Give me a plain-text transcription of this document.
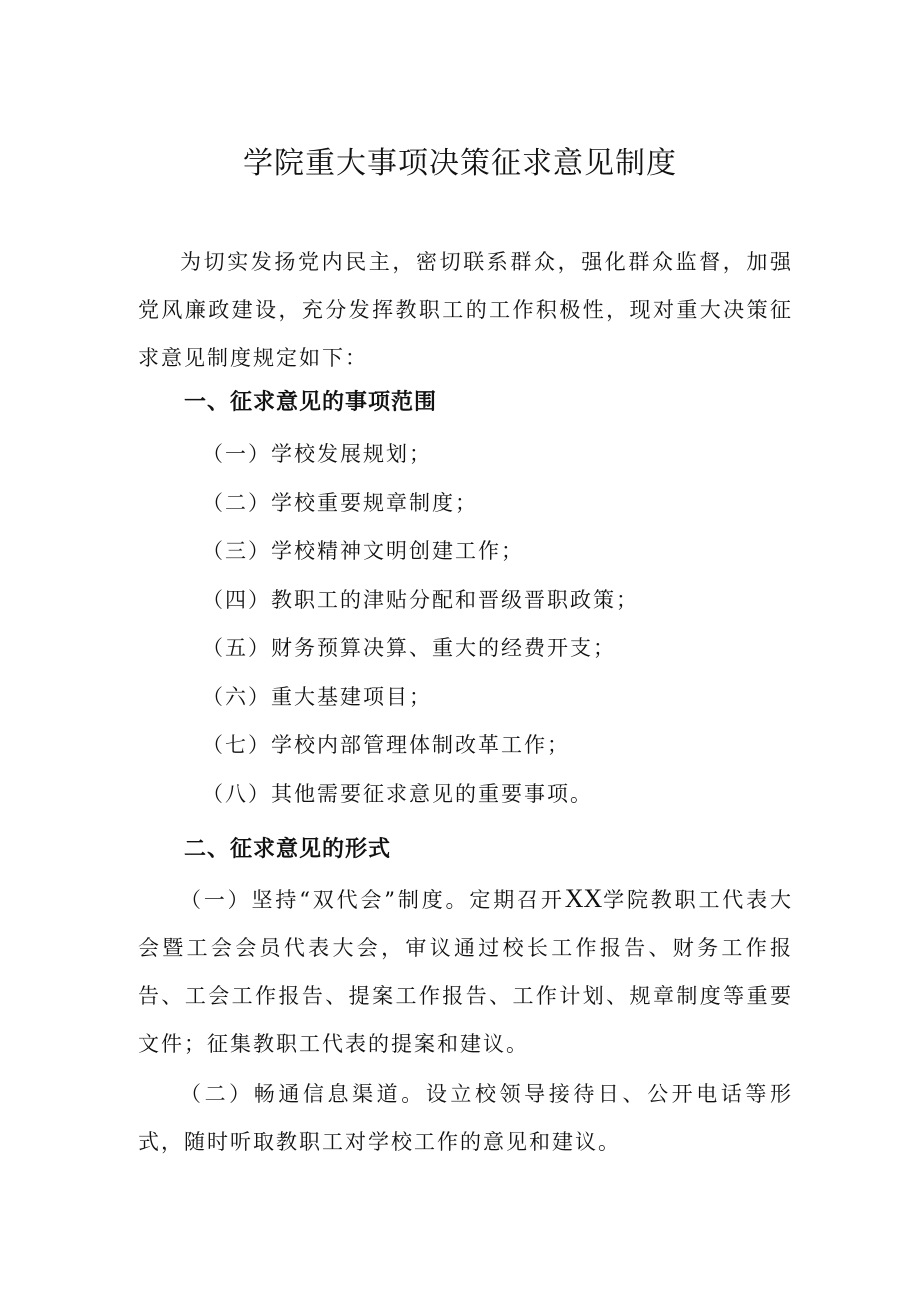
学院重大事项决策征求意见制度

为切实发扬党内民主，密切联系群众，强化群众监督，加强党风廉政建设，充分发挥教职工的工作积极性，现对重大决策征求意见制度规定如下：

一、征求意见的事项范围
（一）学校发展规划；
（二）学校重要规章制度；
（三）学校精神文明创建工作；
（四）教职工的津贴分配和晋级晋职政策；
（五）财务预算决算、重大的经费开支；
（六）重大基建项目；
（七）学校内部管理体制改革工作；
（八）其他需要征求意见的重要事项。
二、征求意见的形式

（一）坚持“双代会”制度。定期召开XX学院教职工代表大会暨工会会员代表大会，审议通过校长工作报告、财务工作报告、工会工作报告、提案工作报告、工作计划、规章制度等重要文件；征集教职工代表的提案和建议。

（二）畅通信息渠道。设立校领导接待日、公开电话等形式，随时听取教职工对学校工作的意见和建议。
